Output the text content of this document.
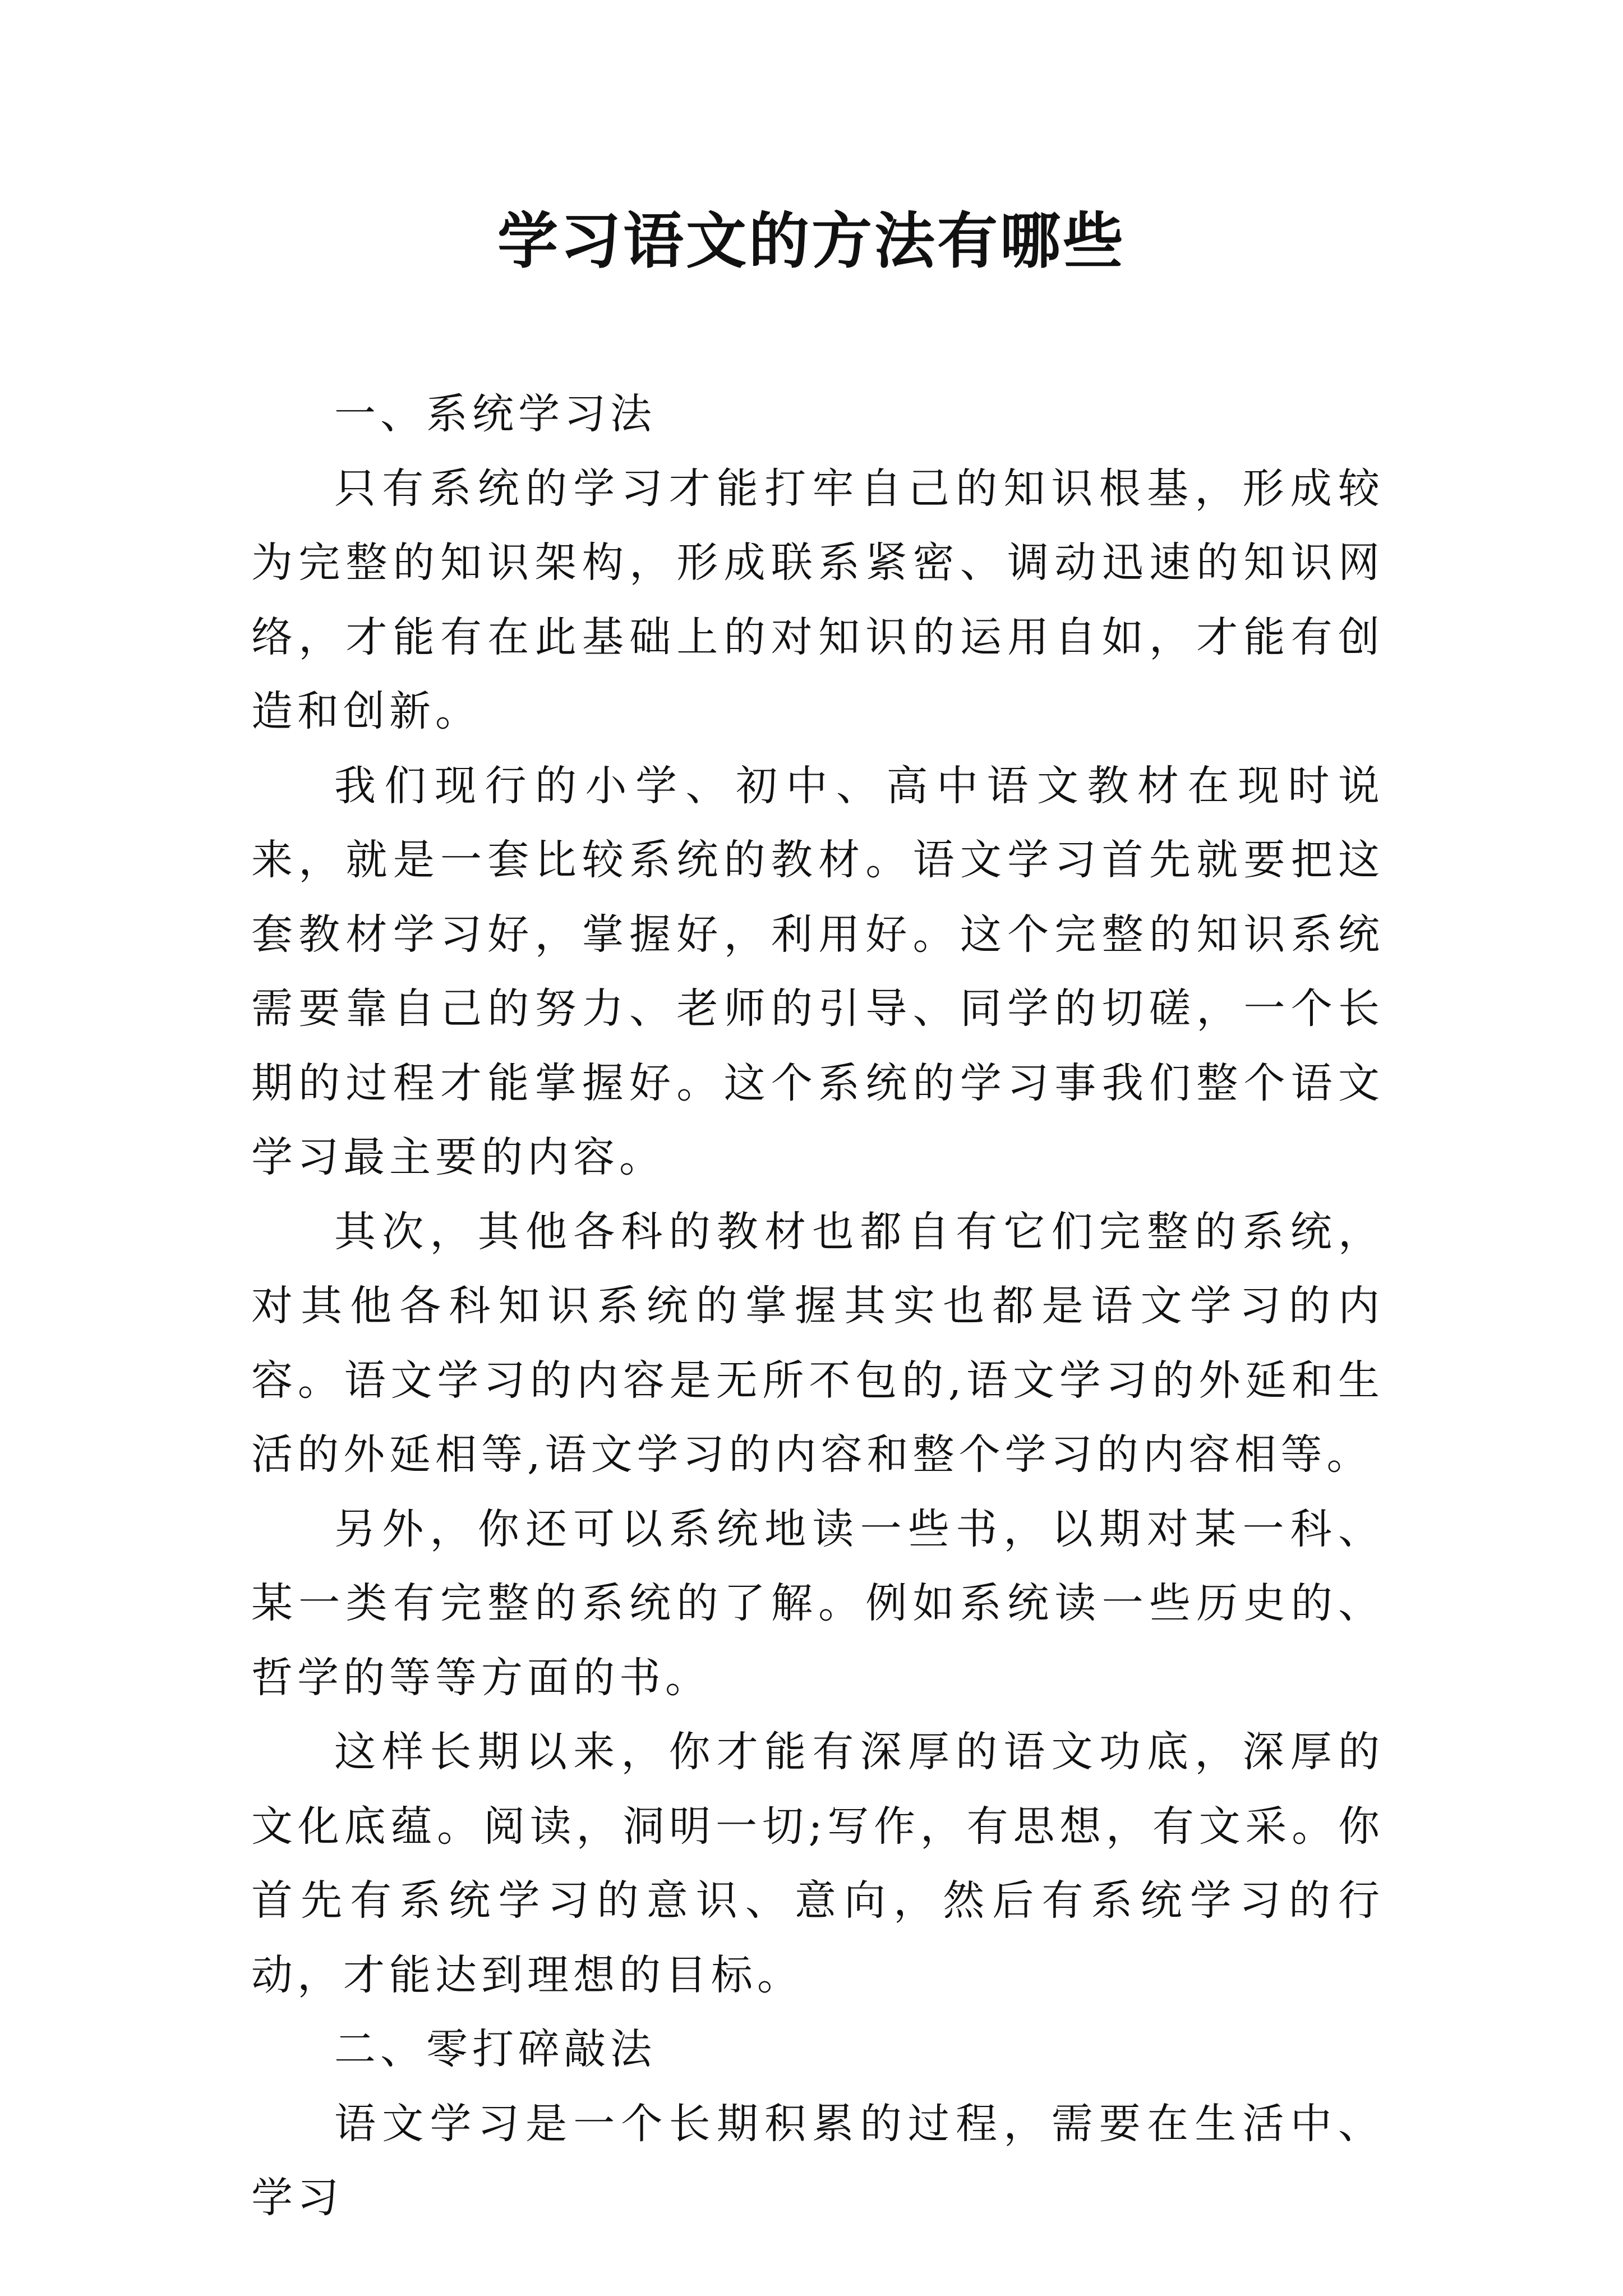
学习语文的方法有哪些

一、系统学习法

只有系统的学习才能打牢自己的知识根基，形成较为完整的知识架构，形成联系紧密、调动迅速的知识网络，才能有在此基础上的对知识的运用自如，才能有创造和创新。

我们现行的小学、初中、高中语文教材在现时说来，就是一套比较系统的教材。语文学习首先就要把这套教材学习好，掌握好，利用好。这个完整的知识系统需要靠自己的努力、老师的引导、同学的切磋，一个长期的过程才能掌握好。这个系统的学习事我们整个语文学习最主要的内容。

其次，其他各科的教材也都自有它们完整的系统，对其他各科知识系统的掌握其实也都是语文学习的内容。语文学习的内容是无所不包的,语文学习的外延和生活的外延相等,语文学习的内容和整个学习的内容相等。

另外，你还可以系统地读一些书，以期对某一科、某一类有完整的系统的了解。例如系统读一些历史的、哲学的等等方面的书。

这样长期以来，你才能有深厚的语文功底，深厚的文化底蕴。阅读，洞明一切;写作，有思想，有文采。你首先有系统学习的意识、意向，然后有系统学习的行动，才能达到理想的目标。

二、零打碎敲法

语文学习是一个长期积累的过程，需要在生活中、学习
